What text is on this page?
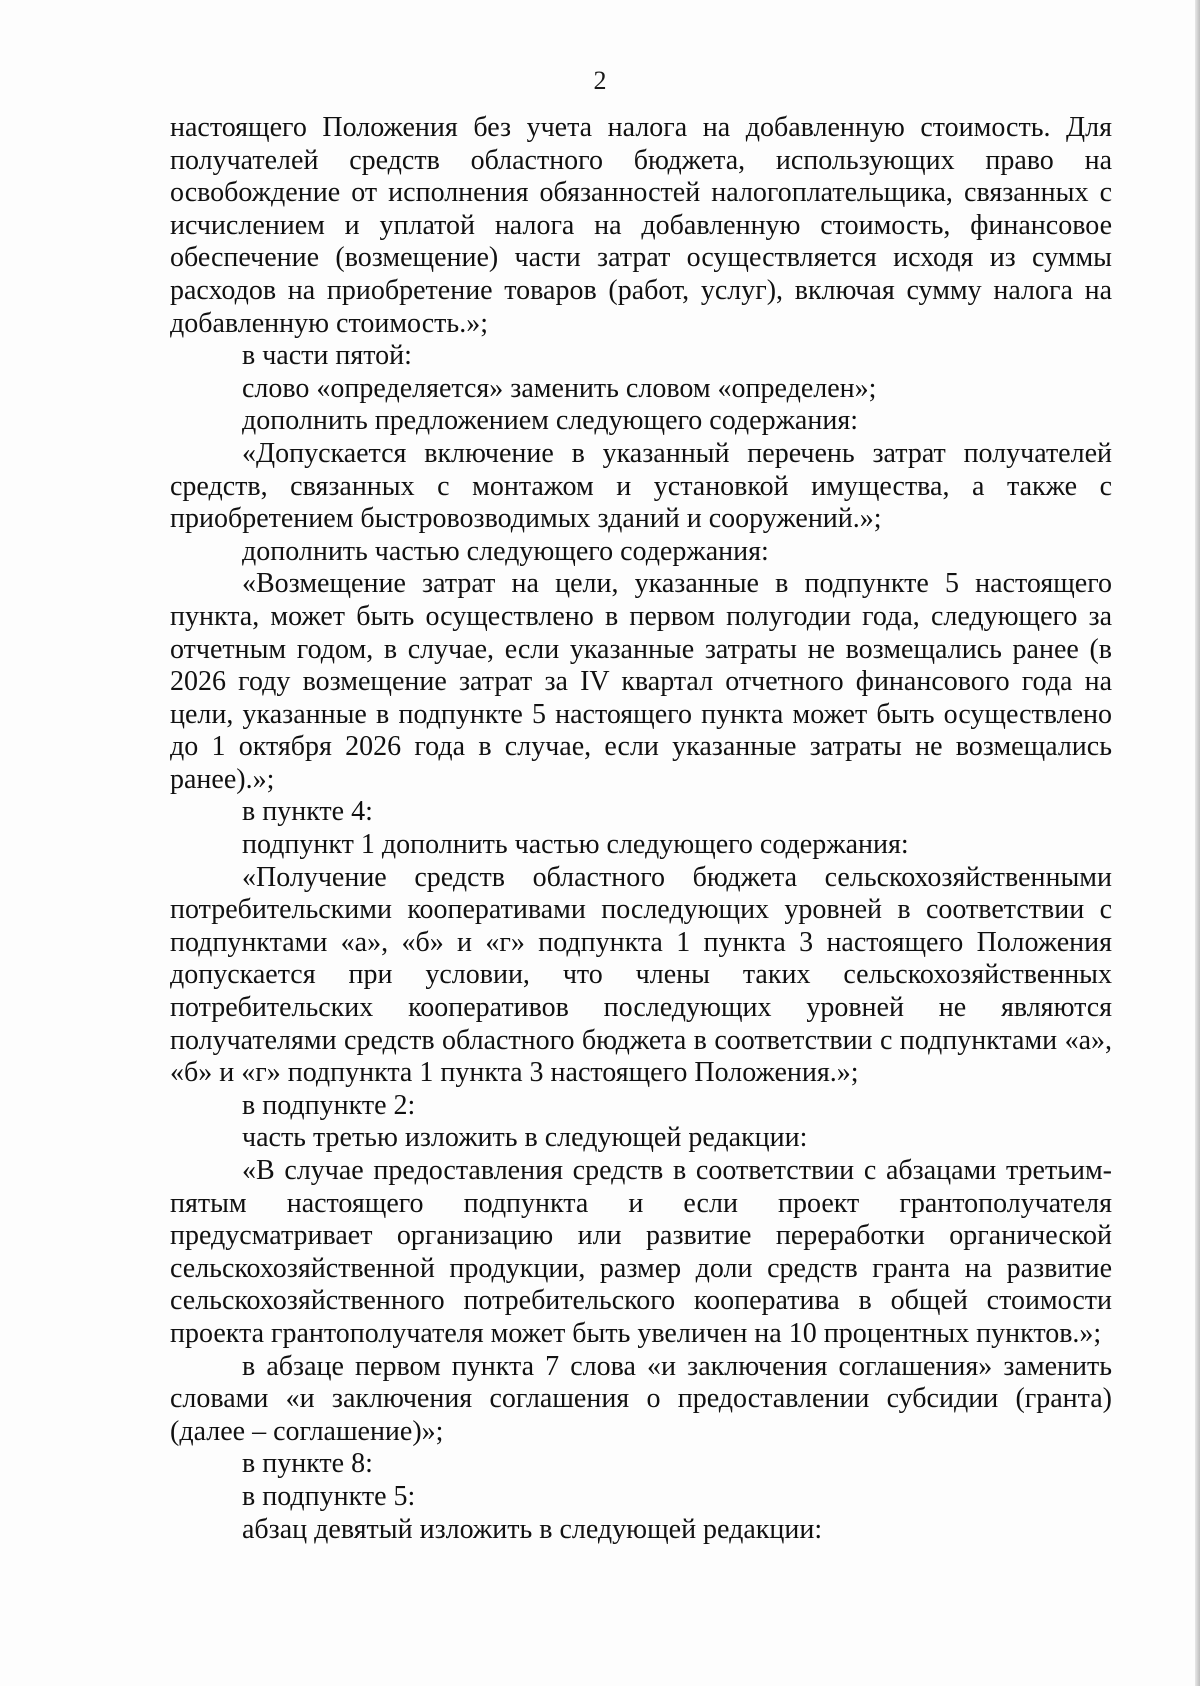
2

настоящего Положения без учета налога на добавленную стоимость. Для получателей средств областного бюджета, использующих право на освобождение от исполнения обязанностей налогоплательщика, связанных с исчислением и уплатой налога на добавленную стоимость, финансовое обеспечение (возмещение) части затрат осуществляется исходя из суммы расходов на приобретение товаров (работ, услуг), включая сумму налога на добавленную стоимость.»;

в части пятой:

слово «определяется» заменить словом «определен»;

дополнить предложением следующего содержания:

«Допускается включение в указанный перечень затрат получателей средств, связанных с монтажом и установкой имущества, а также с приобретением быстровозводимых зданий и сооружений.»;

дополнить частью следующего содержания:

«Возмещение затрат на цели, указанные в подпункте 5 настоящего пункта, может быть осуществлено в первом полугодии года, следующего за отчетным годом, в случае, если указанные затраты не возмещались ранее (в 2026 году возмещение затрат за IV квартал отчетного финансового года на цели, указанные в подпункте 5 настоящего пункта может быть осуществлено до 1 октября 2026 года в случае, если указанные затраты не возмещались ранее).»;

в пункте 4:

подпункт 1 дополнить частью следующего содержания:

«Получение средств областного бюджета сельскохозяйственными потребительскими кооперативами последующих уровней в соответствии с подпунктами «а», «б» и «г» подпункта 1 пункта 3 настоящего Положения допускается при условии, что члены таких сельскохозяйственных потребительских кооперативов последующих уровней не являются получателями средств областного бюджета в соответствии с подпунктами «а», «б» и «г» подпункта 1 пункта 3 настоящего Положения.»;

в подпункте 2:

часть третью изложить в следующей редакции:

«В случае предоставления средств в соответствии с абзацами третьим-пятым настоящего подпункта и если проект грантополучателя предусматривает организацию или развитие переработки органической сельскохозяйственной продукции, размер доли средств гранта на развитие сельскохозяйственного потребительского кооператива в общей стоимости проекта грантополучателя может быть увеличен на 10 процентных пунктов.»;

в абзаце первом пункта 7 слова «и заключения соглашения» заменить словами «и заключения соглашения о предоставлении субсидии (гранта) (далее – соглашение)»;

в пункте 8:

в подпункте 5:

абзац девятый изложить в следующей редакции:
